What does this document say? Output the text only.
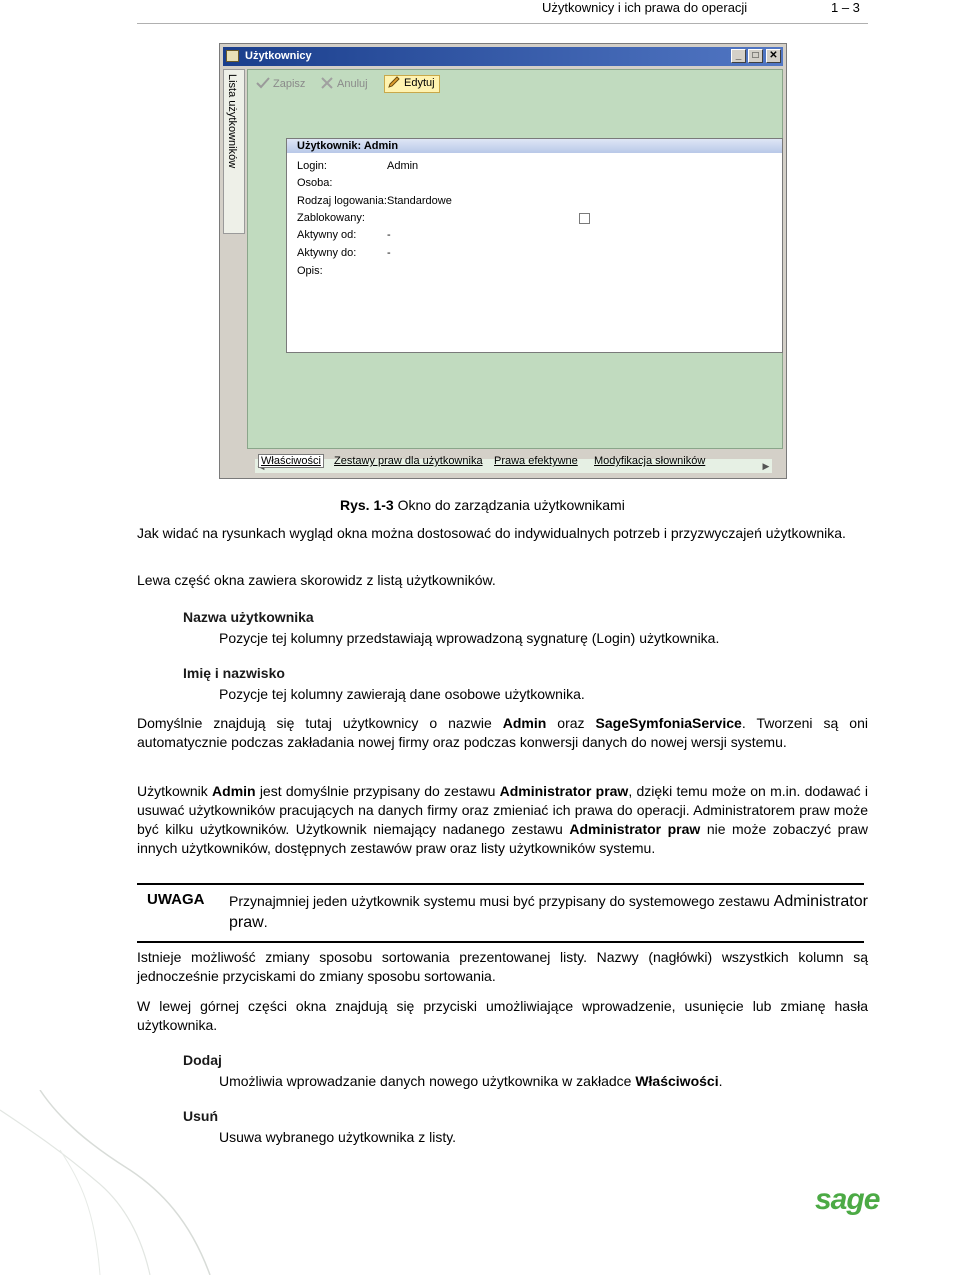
Użytkownicy i ich prawa do operacji	1 – 3
Użytkownicy	_	□	✕
Lista użytkowników	Zapisz	Anuluj	Edytuj
Użytkownik: Admin
Login:	Admin
Osoba:
Rodzaj logowania: Standardowe
Zablokowany:
Aktywny od:	-
Aktywny do:	-
Opis:
▶
Właściwości Zestawy praw dla użytkownika Prawa efektywne Modyfikacja słowników
Rys. 1-3 Okno do zarządzania użytkownikami
Jak widać na rysunkach wygląd okna można dostosować do indywidualnych potrzeb i przyzwyczajeń użytkownika.
Lewa część okna zawiera skorowidz z listą użytkowników.
Nazwa użytkownika
Pozycje tej kolumny przedstawiają wprowadzoną sygnaturę (Login) użytkownika.
Imię i nazwisko
Pozycje tej kolumny zawierają dane osobowe użytkownika.
Domyślnie znajdują się tutaj użytkownicy o nazwie Admin oraz SageSymfoniaService. Tworzeni są oni automatycznie podczas zakładania nowej firmy oraz podczas konwersji danych do nowej wersji systemu.
Użytkownik Admin jest domyślnie przypisany do zestawu Administrator praw, dzięki temu może on m.in. dodawać i usuwać użytkowników pracujących na danych firmy oraz zmieniać ich prawa do operacji. Administratorem praw może być kilku użytkowników. Użytkownik niemający nadanego zestawu Administrator praw nie może zobaczyć praw innych użytkowników, dostępnych zestawów praw oraz listy użytkowników systemu.
UWAGA Przynajmniej jeden użytkownik systemu musi być przypisany do systemowego zestawu Administrator praw.
Istnieje możliwość zmiany sposobu sortowania prezentowanej listy. Nazwy (nagłówki) wszystkich kolumn są jednocześnie przyciskami do zmiany sposobu sortowania.
W lewej górnej części okna znajdują się przyciski umożliwiające wprowadzenie, usunięcie lub zmianę hasła użytkownika.
Dodaj
Umożliwia wprowadzanie danych nowego użytkownika w zakładce Właściwości.
Usuń
Usuwa wybranego użytkownika z listy.
sage
